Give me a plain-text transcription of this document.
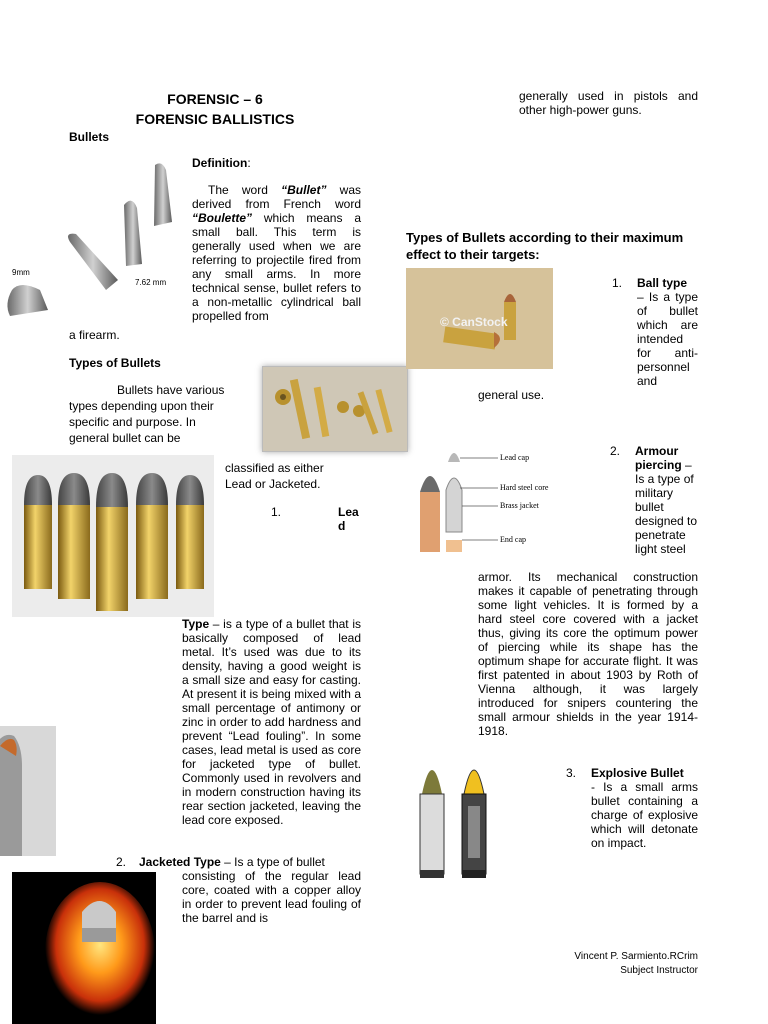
FORENSIC – 6
FORENSIC BALLISTICS
Bullets
9mm
7.62 mm
Definition:
The word “Bullet” was derived from French word “Boulette” which means a small ball. This term is generally used when we are referring to projectile fired from any small arms. In more technical sense, bullet refers to a non-metallic cylindrical ball propelled from
a firearm.
Types of Bullets
Bullets have various types depending upon their specific and purpose. In general bullet can be
classified as either
Lead or Jacketed.
1.	Lea
d
Type – is a type of a bullet that is basically composed of lead metal. It’s used was due to its density, having a good weight is a small size and easy for casting. At present it is being mixed with a small percentage of antimony or zinc in order to add hardness and prevent “Lead fouling”. In some cases, lead metal is used as core for jacketed type of bullet. Commonly used in revolvers and in modern construction having its rear section jacketed, leaving the lead core exposed.
2. Jacketed Type – Is a type of bullet
consisting of the regular lead core, coated with a copper alloy in order to prevent lead fouling of the barrel and is
generally used in pistols and other high-power guns.
Types of Bullets according to their maximum effect to their targets:
© CanStock
1. Ball type
– Is a type of bullet which are intended for anti-personnel and
general use.
Lead cap
Hard steel core
Brass jacket
End cap
2. Armour
piercing – Is a type of military bullet designed to penetrate light steel
armor. Its mechanical construction makes it capable of penetrating through some light vehicles. It is formed by a hard steel core covered with a jacket thus, giving its core the optimum power of piercing while its shape has the optimum shape for accurate flight. It was first patented in about 1903 by Roth of Vienna although, it was largely introduced for snipers countering the small armour shields in the year 1914-1918.
3. Explosive Bullet
- Is a small arms bullet containing a charge of explosive which will detonate on impact.
Vincent P. Sarmiento.RCrim
Subject Instructor
